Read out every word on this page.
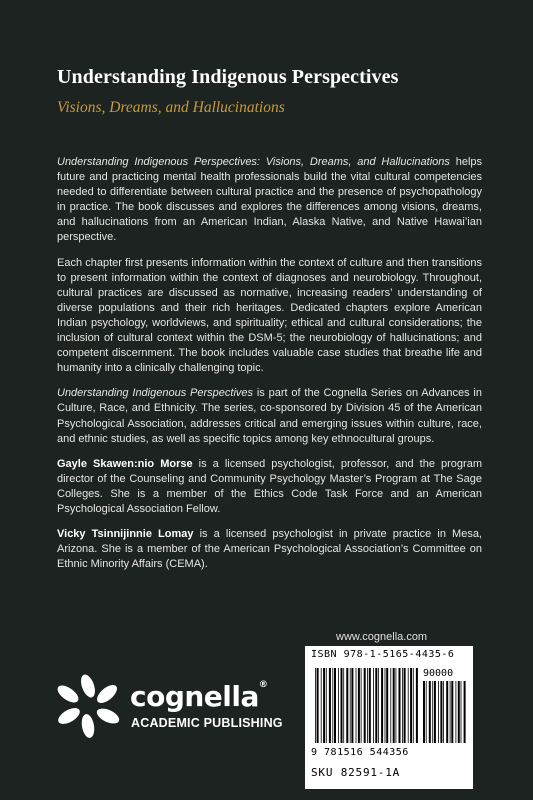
Understanding Indigenous Perspectives
Visions, Dreams, and Hallucinations

Understanding Indigenous Perspectives: Visions, Dreams, and Hallucinations helps future and practicing mental health professionals build the vital cultural competencies needed to differentiate between cultural practice and the presence of psychopathology in practice. The book discusses and explores the differences among visions, dreams, and hallucinations from an American Indian, Alaska Native, and Native Hawai’ian perspective.

Each chapter first presents information within the context of culture and then transitions to present information within the context of diagnoses and neurobiology. Throughout, cultural practices are discussed as normative, increasing readers’ understanding of diverse populations and their rich heritages. Dedicated chapters explore American Indian psychology, worldviews, and spirituality; ethical and cultural considerations; the inclusion of cultural context within the DSM-5; the neurobiology of hallucinations; and competent discernment. The book includes valuable case studies that breathe life and humanity into a clinically challenging topic.

Understanding Indigenous Perspectives is part of the Cognella Series on Advances in Culture, Race, and Ethnicity. The series, co-sponsored by Division 45 of the American Psychological Association, addresses critical and emerging issues within culture, race, and ethnic studies, as well as specific topics among key ethnocultural groups.

Gayle Skawen:nio Morse is a licensed psychologist, professor, and the program director of the Counseling and Community Psychology Master’s Program at The Sage Colleges. She is a member of the Ethics Code Task Force and an American Psychological Association Fellow.

Vicky Tsinnijinnie Lomay is a licensed psychologist in private practice in Mesa, Arizona. She is a member of the American Psychological Association’s Committee on Ethnic Minority Affairs (CEMA).

cognella®
ACADEMIC PUBLISHING
www.cognella.com
ISBN 978-1-5165-4435-6
90000
9 781516 544356
SKU 82591-1A
